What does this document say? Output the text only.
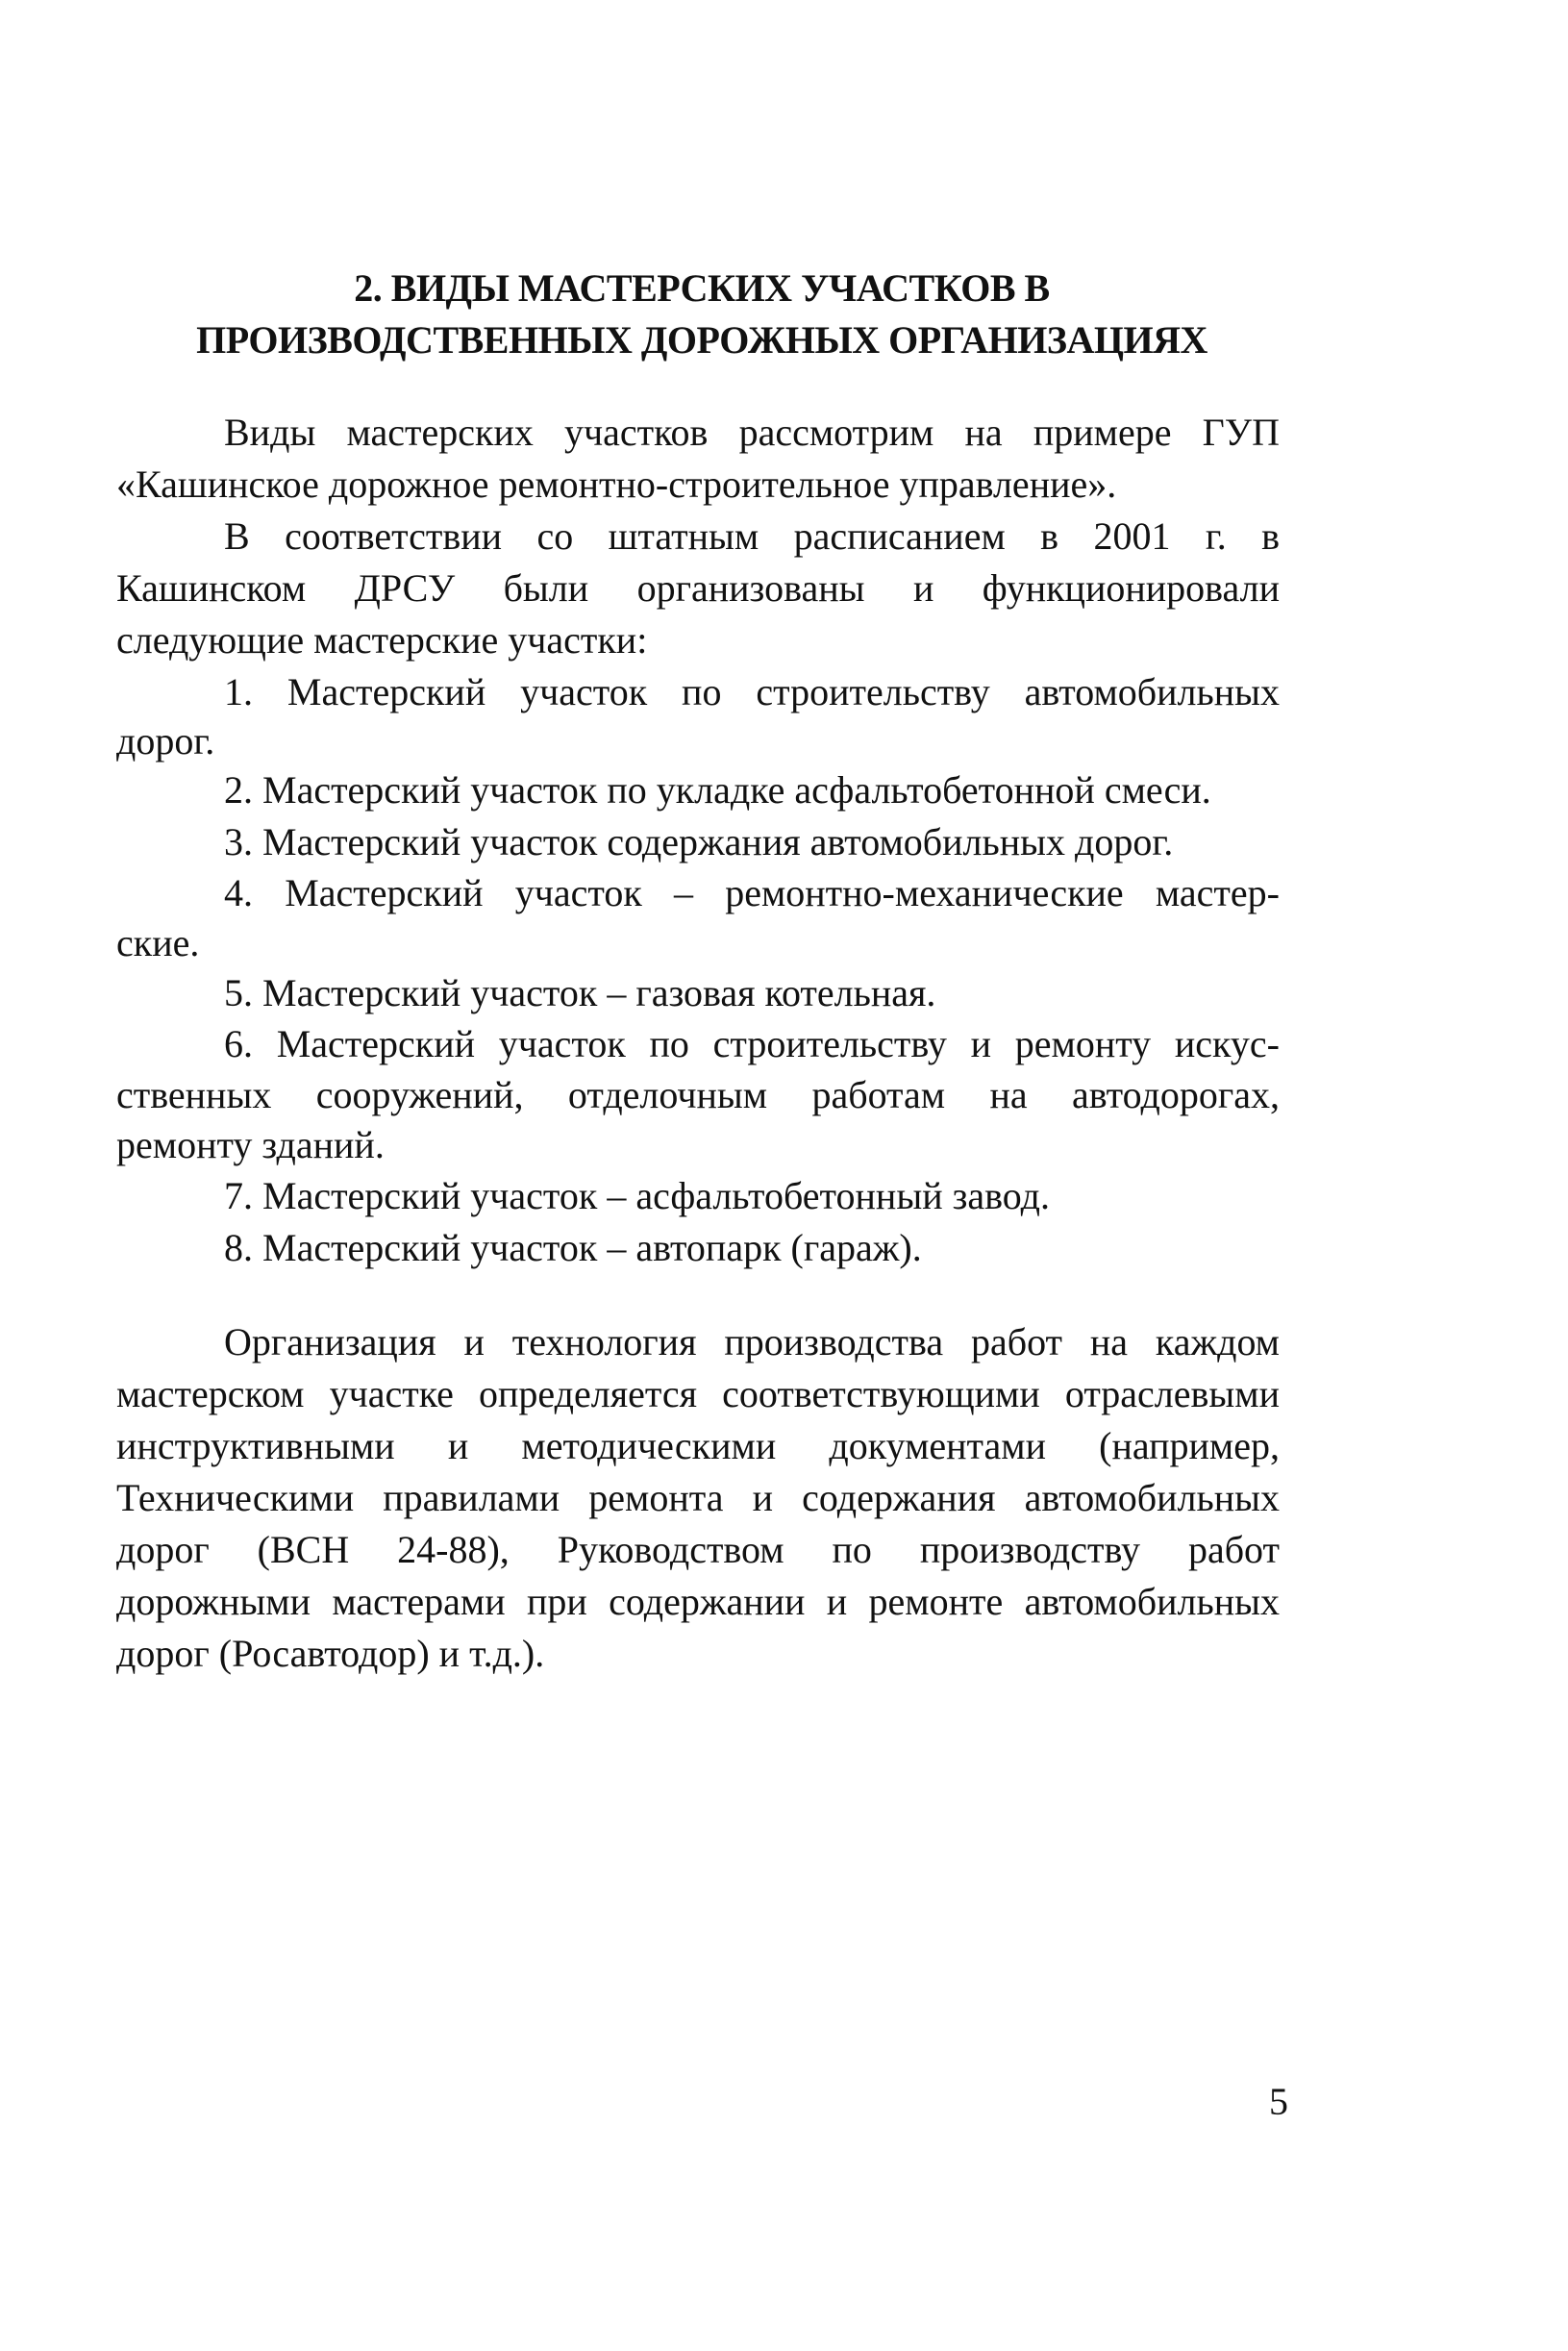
2. ВИДЫ МАСТЕРСКИХ УЧАСТКОВ В
ПРОИЗВОДСТВЕННЫХ ДОРОЖНЫХ ОРГАНИЗАЦИЯХ
Виды мастерских участков рассмотрим на примере ГУП
«Кашинское дорожное ремонтно-строительное управление».
В соответствии со штатным расписанием в 2001 г. в
Кашинском ДРСУ были организованы и функционировали
следующие мастерские участки:
1. Мастерский участок по строительству автомобильных
дорог.
2. Мастерский участок по укладке асфальтобетонной смеси.
3. Мастерский участок содержания автомобильных дорог.
4. Мастерский участок – ремонтно-механические мастер-
ские.
5. Мастерский участок – газовая котельная.
6. Мастерский участок по строительству и ремонту искус-
ственных сооружений, отделочным работам на автодорогах,
ремонту зданий.
7. Мастерский участок – асфальтобетонный завод.
8. Мастерский участок – автопарк (гараж).
Организация и технология производства работ на каждом
мастерском участке определяется соответствующими отраслевыми
инструктивными и методическими документами (например,
Техническими правилами ремонта и содержания автомобильных
дорог (ВСН 24-88), Руководством по производству работ
дорожными мастерами при содержании и ремонте автомобильных
дорог (Росавтодор) и т.д.).
5
